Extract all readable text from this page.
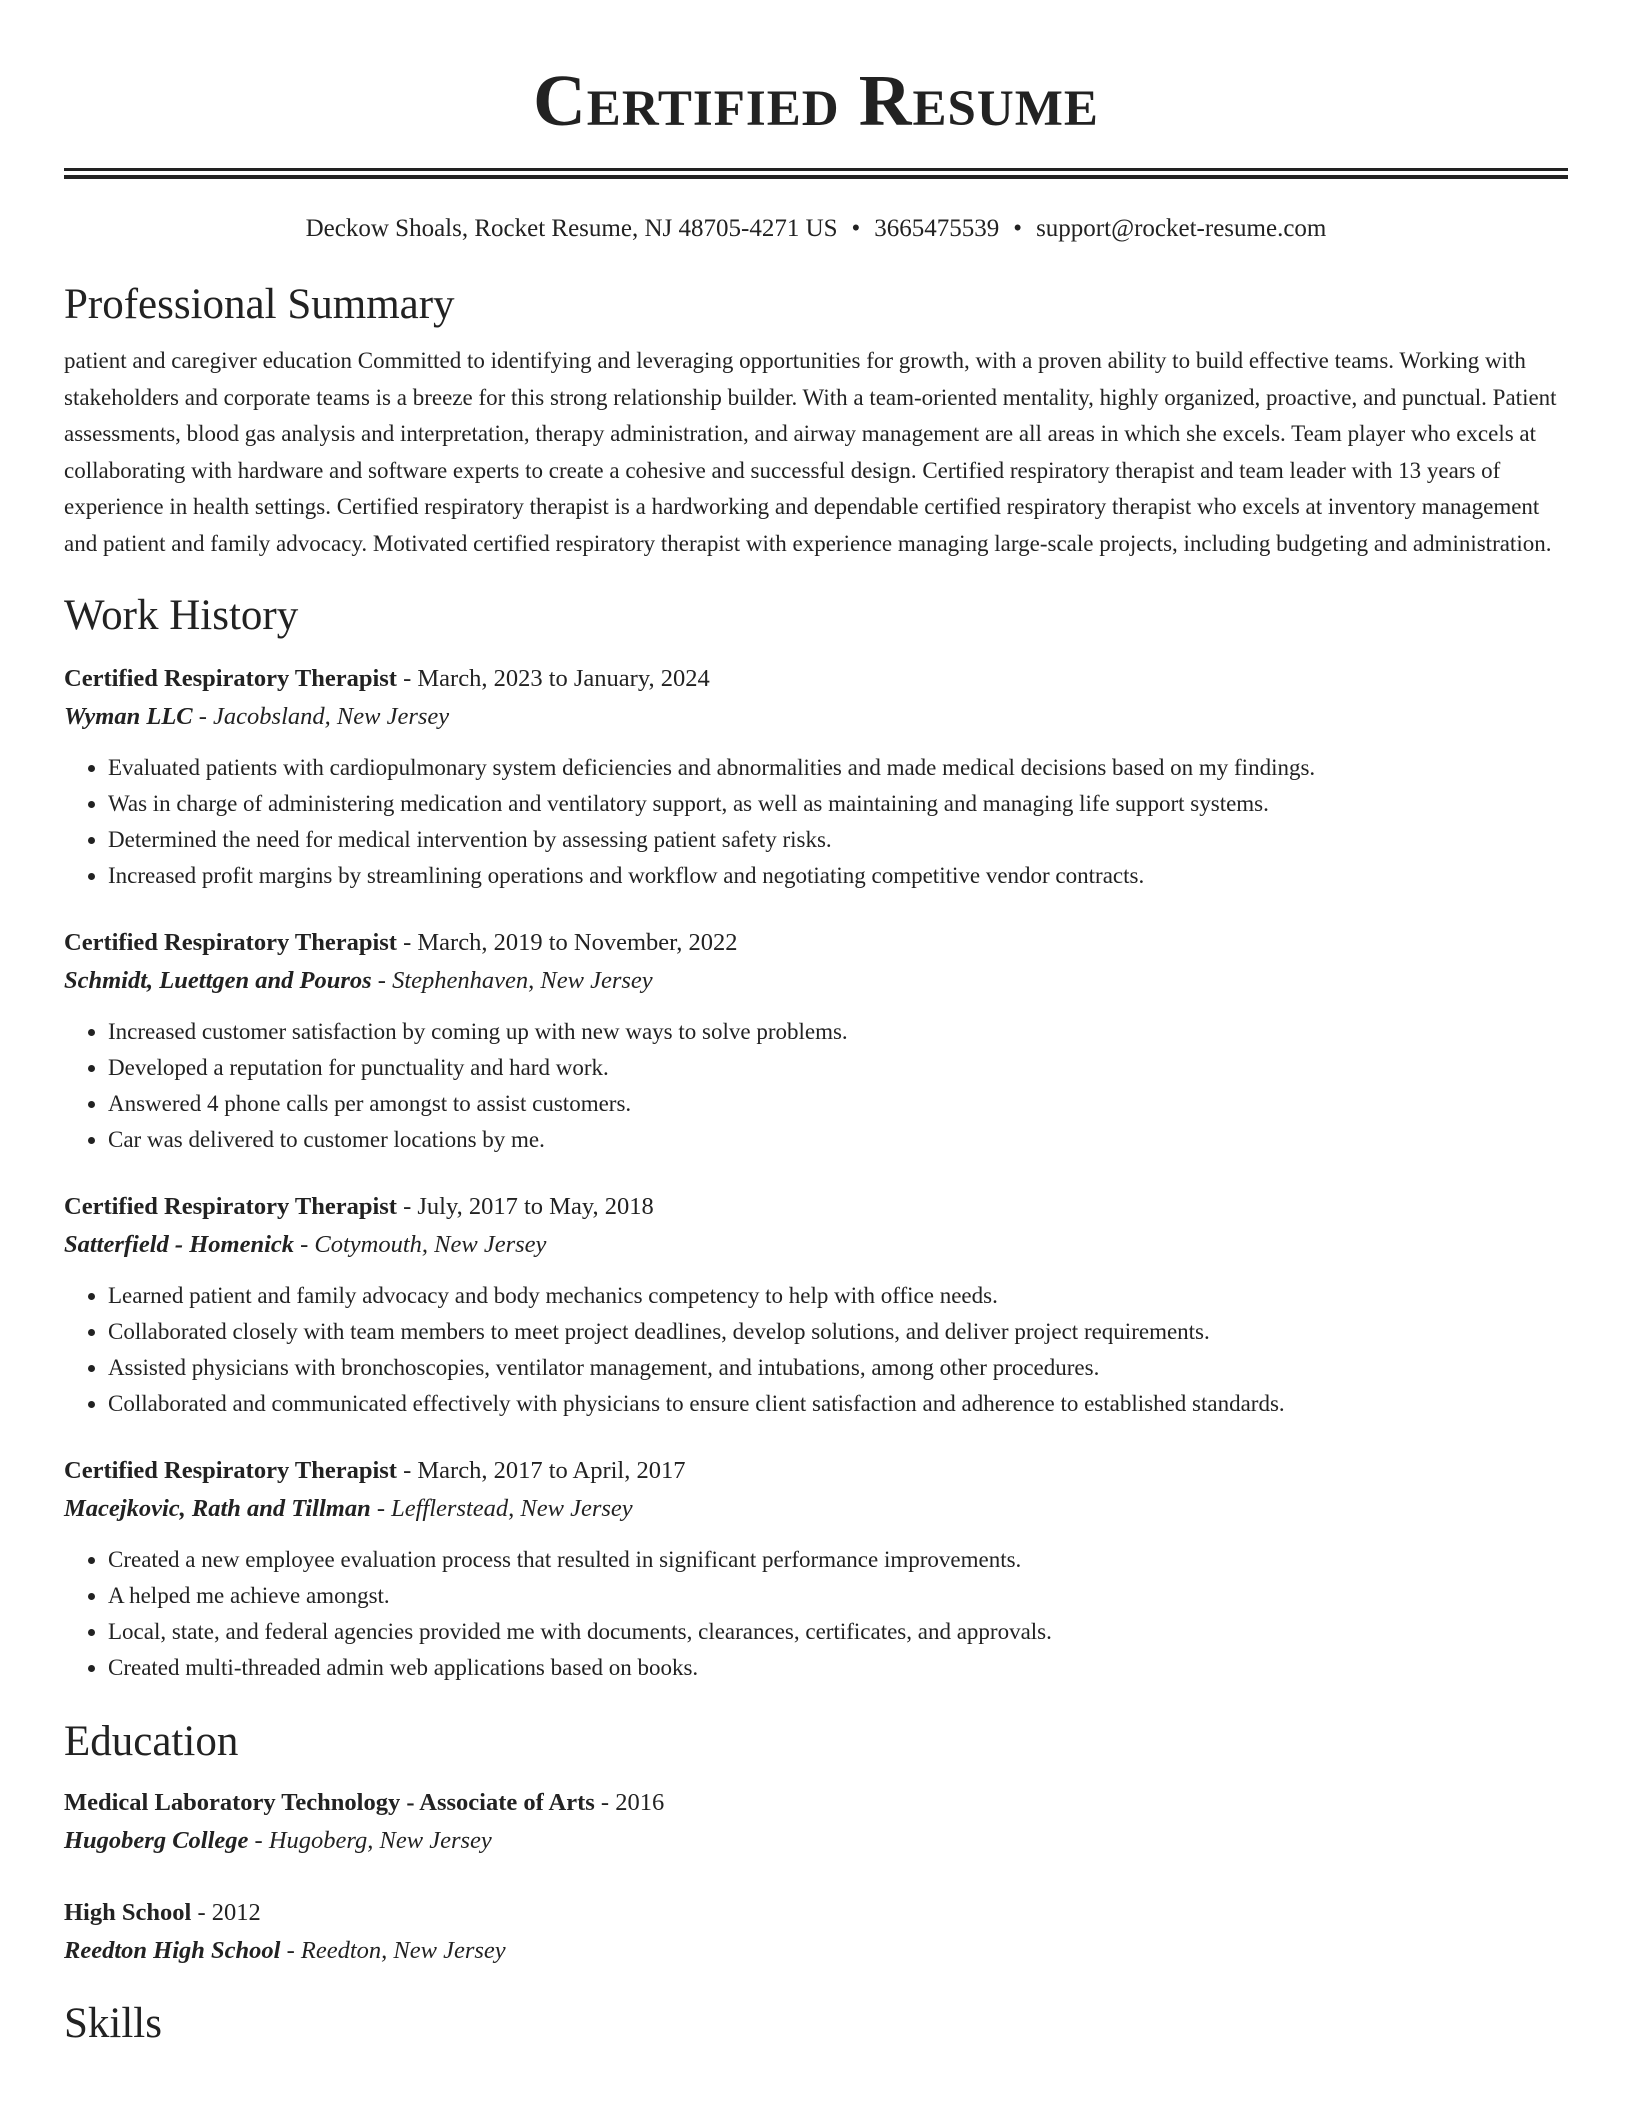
Certified Resume
Deckow Shoals, Rocket Resume, NJ 48705-4271 US • 3665475539 • support@rocket-resume.com
Professional Summary

patient and caregiver education Committed to identifying and leveraging opportunities for growth, with a proven ability to build effective teams. Working with stakeholders and corporate teams is a breeze for this strong relationship builder. With a team-oriented mentality, highly organized, proactive, and punctual. Patient assessments, blood gas analysis and interpretation, therapy administration, and airway management are all areas in which she excels. Team player who excels at collaborating with hardware and software experts to create a cohesive and successful design. Certified respiratory therapist and team leader with 13 years of experience in health settings. Certified respiratory therapist is a hardworking and dependable certified respiratory therapist who excels at inventory management and patient and family advocacy. Motivated certified respiratory therapist with experience managing large-scale projects, including budgeting and administration.

Work History
Certified Respiratory Therapist - March, 2023 to January, 2024
Wyman LLC - Jacobsland, New Jersey
• Evaluated patients with cardiopulmonary system deficiencies and abnormalities and made medical decisions based on my findings.
• Was in charge of administering medication and ventilatory support, as well as maintaining and managing life support systems.
• Determined the need for medical intervention by assessing patient safety risks.
• Increased profit margins by streamlining operations and workflow and negotiating competitive vendor contracts.
Certified Respiratory Therapist - March, 2019 to November, 2022
Schmidt, Luettgen and Pouros - Stephenhaven, New Jersey
• Increased customer satisfaction by coming up with new ways to solve problems.
• Developed a reputation for punctuality and hard work.
• Answered 4 phone calls per amongst to assist customers.
• Car was delivered to customer locations by me.
Certified Respiratory Therapist - July, 2017 to May, 2018
Satterfield - Homenick - Cotymouth, New Jersey
• Learned patient and family advocacy and body mechanics competency to help with office needs.
• Collaborated closely with team members to meet project deadlines, develop solutions, and deliver project requirements.
• Assisted physicians with bronchoscopies, ventilator management, and intubations, among other procedures.
• Collaborated and communicated effectively with physicians to ensure client satisfaction and adherence to established standards.
Certified Respiratory Therapist - March, 2017 to April, 2017
Macejkovic, Rath and Tillman - Lefflerstead, New Jersey
• Created a new employee evaluation process that resulted in significant performance improvements.
• A helped me achieve amongst.
• Local, state, and federal agencies provided me with documents, clearances, certificates, and approvals.
• Created multi-threaded admin web applications based on books.
Education
Medical Laboratory Technology - Associate of Arts - 2016
Hugoberg College - Hugoberg, New Jersey
High School - 2012
Reedton High School - Reedton, New Jersey
Skills
